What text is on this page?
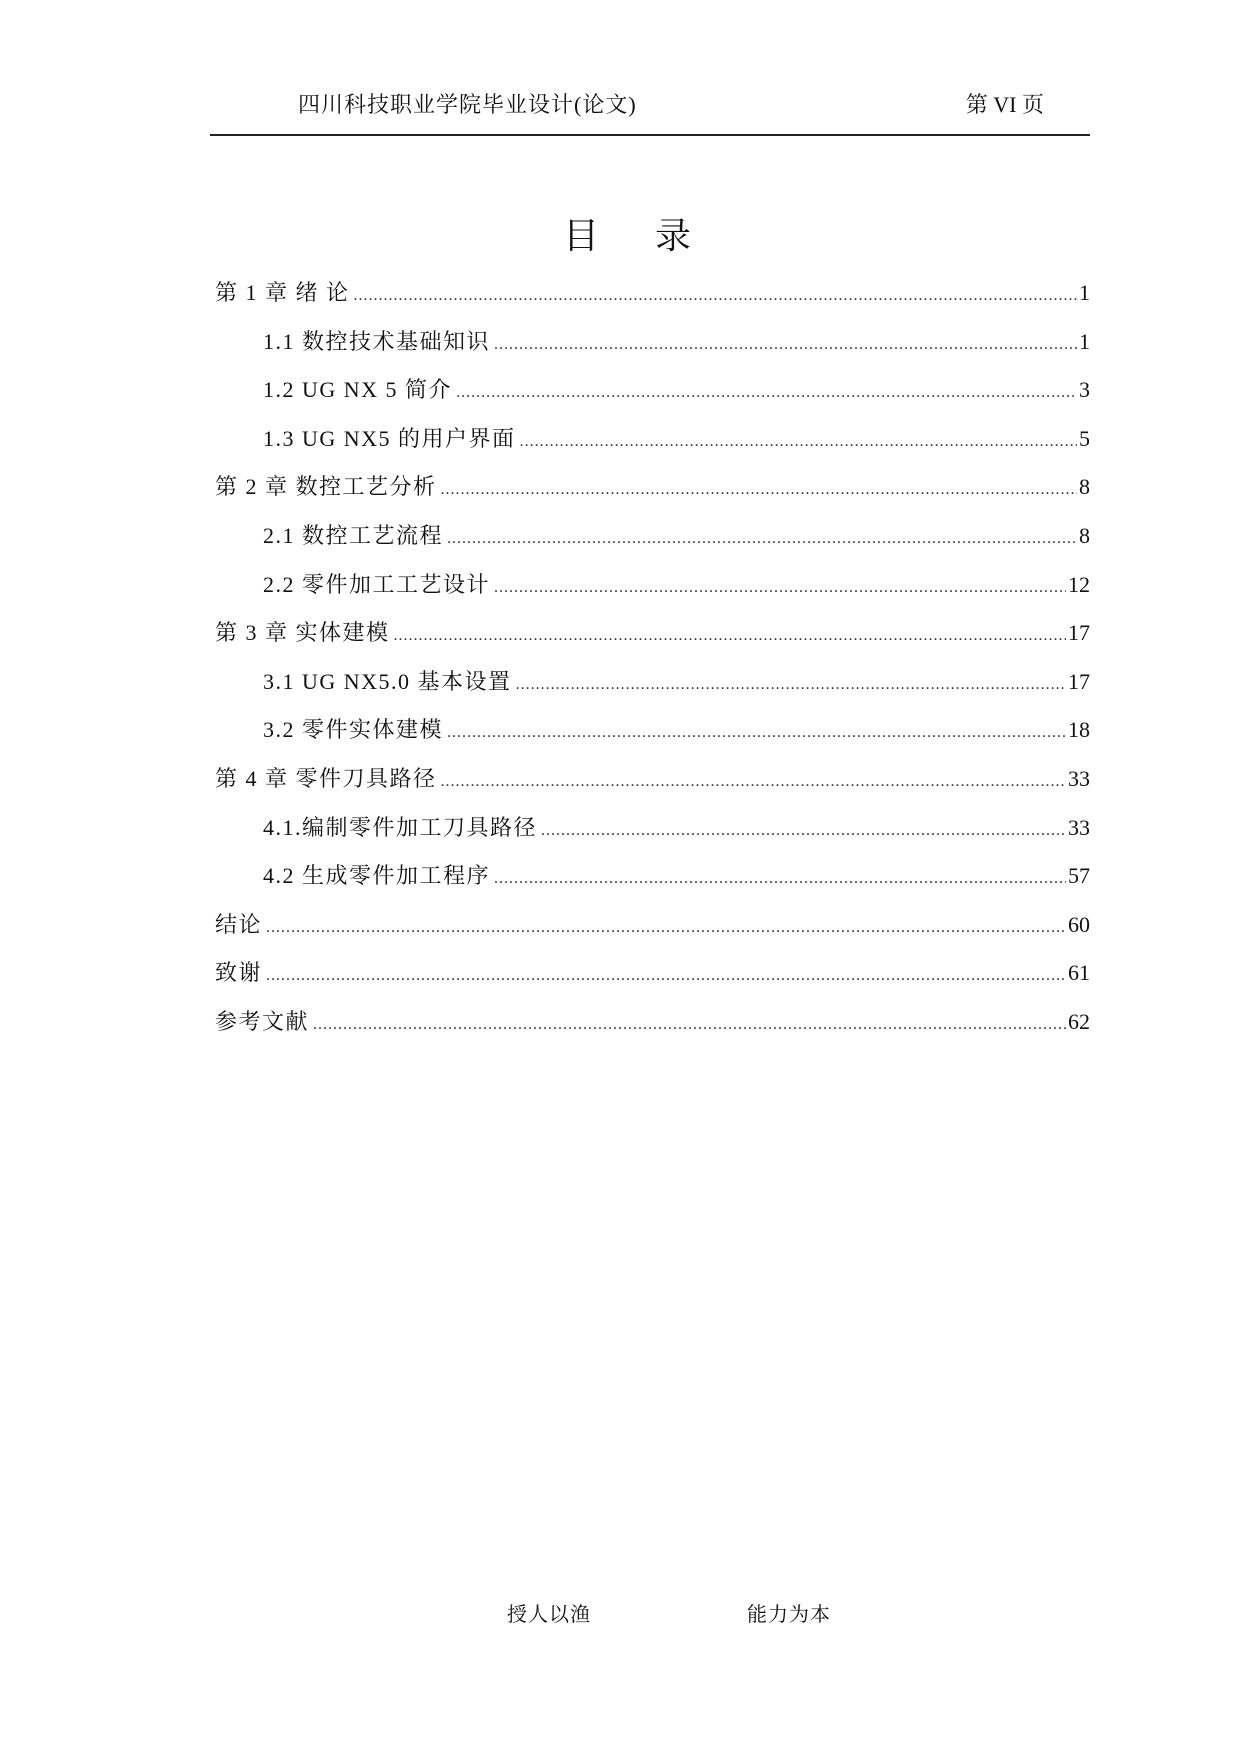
四川科技职业学院毕业设计(论文)	第 VI 页
目录
第 1 章 绪 论 .....	1
1.1 数控技术基础知识 .....	1
1.2 UG NX 5 简介 .....	3
1.3 UG NX5 的用户界面 .....	5
第 2 章 数控工艺分析 .....	8
2.1 数控工艺流程 .....	8
2.2 零件加工工艺设计 .....	12
第 3 章 实体建模 .....	17
3.1 UG NX5.0 基本设置 .....	17
3.2 零件实体建模 .....	18
第 4 章 零件刀具路径 .....	33
4.1.编制零件加工刀具路径 .....	33
4.2 生成零件加工程序 .....	57
结论 .....	60
致谢 .....	61
参考文献 .....	62
授人以渔	能力为本
